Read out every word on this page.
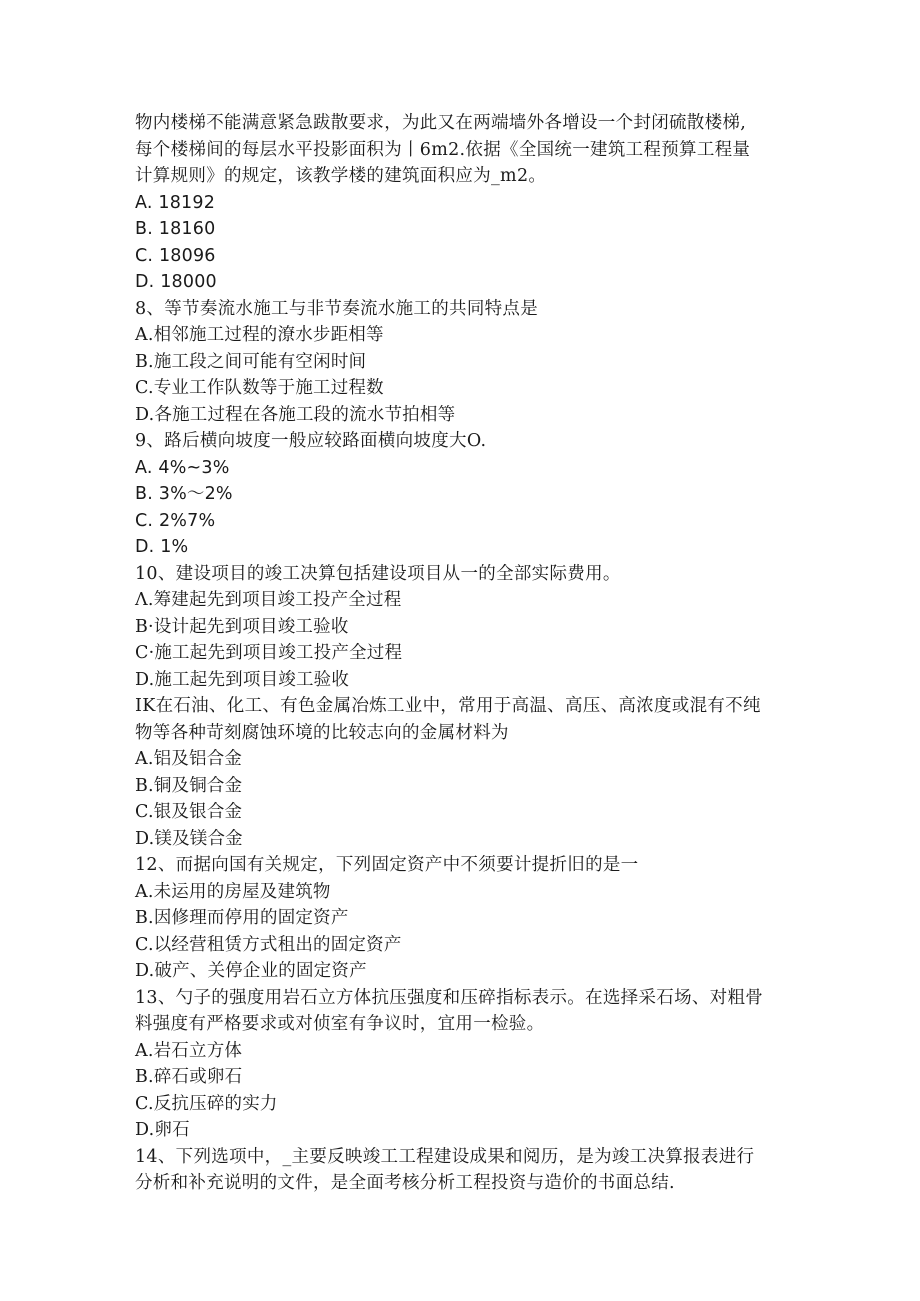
物内楼梯不能满意紧急跋散要求，为此又在两端墙外各增设一个封闭硫散楼梯,
每个楼梯间的每层水平投影面积为丨6m2.依据《全国统一建筑工程预算工程量
计算规则》的规定，该教学楼的建筑面积应为_m2。
A. 18192
B. 18160
C. 18096
D. 18000
8、等节奏流水施工与非节奏流水施工的共同特点是
A.相邻施工过程的潦水步距相等
B.施工段之间可能有空闲时间
C.专业工作队数等于施工过程数
D.各施工过程在各施工段的流水节拍相等
9、路后横向坡度一般应较路面横向坡度大O.
A. 4%~3%
B. 3%～2%
C. 2%7%
D. 1%
10、建设项目的竣工决算包括建设项目从一的全部实际费用。
Λ.筹建起先到项目竣工投产全过程
B·设计起先到项目竣工验收
C·施工起先到项目竣工投产全过程
D.施工起先到项目竣工验收
IK在石油、化工、有色金属冶炼工业中，常用于高温、高压、高浓度或混有不纯
物等各种苛刻腐蚀环境的比较志向的金属材料为
A.铝及铝合金
B.铜及铜合金
C.银及银合金
D.镁及镁合金
12、而据向国有关规定，下列固定资产中不须要计提折旧的是一
A.未运用的房屋及建筑物
B.因修理而停用的固定资产
C.以经营租赁方式租出的固定资产
D.破产、关停企业的固定资产
13、勺子的强度用岩石立方体抗压强度和压碎指标表示。在选择采石场、对粗骨
料强度有严格要求或对侦室有争议时，宜用一检验。
A.岩石立方体
B.碎石或卵石
C.反抗压碎的实力
D.卵石
14、下列选项中，_主要反映竣工工程建设成果和阅历，是为竣工决算报表进行
分析和补充说明的文件，是全面考核分析工程投资与造价的书面总结.
